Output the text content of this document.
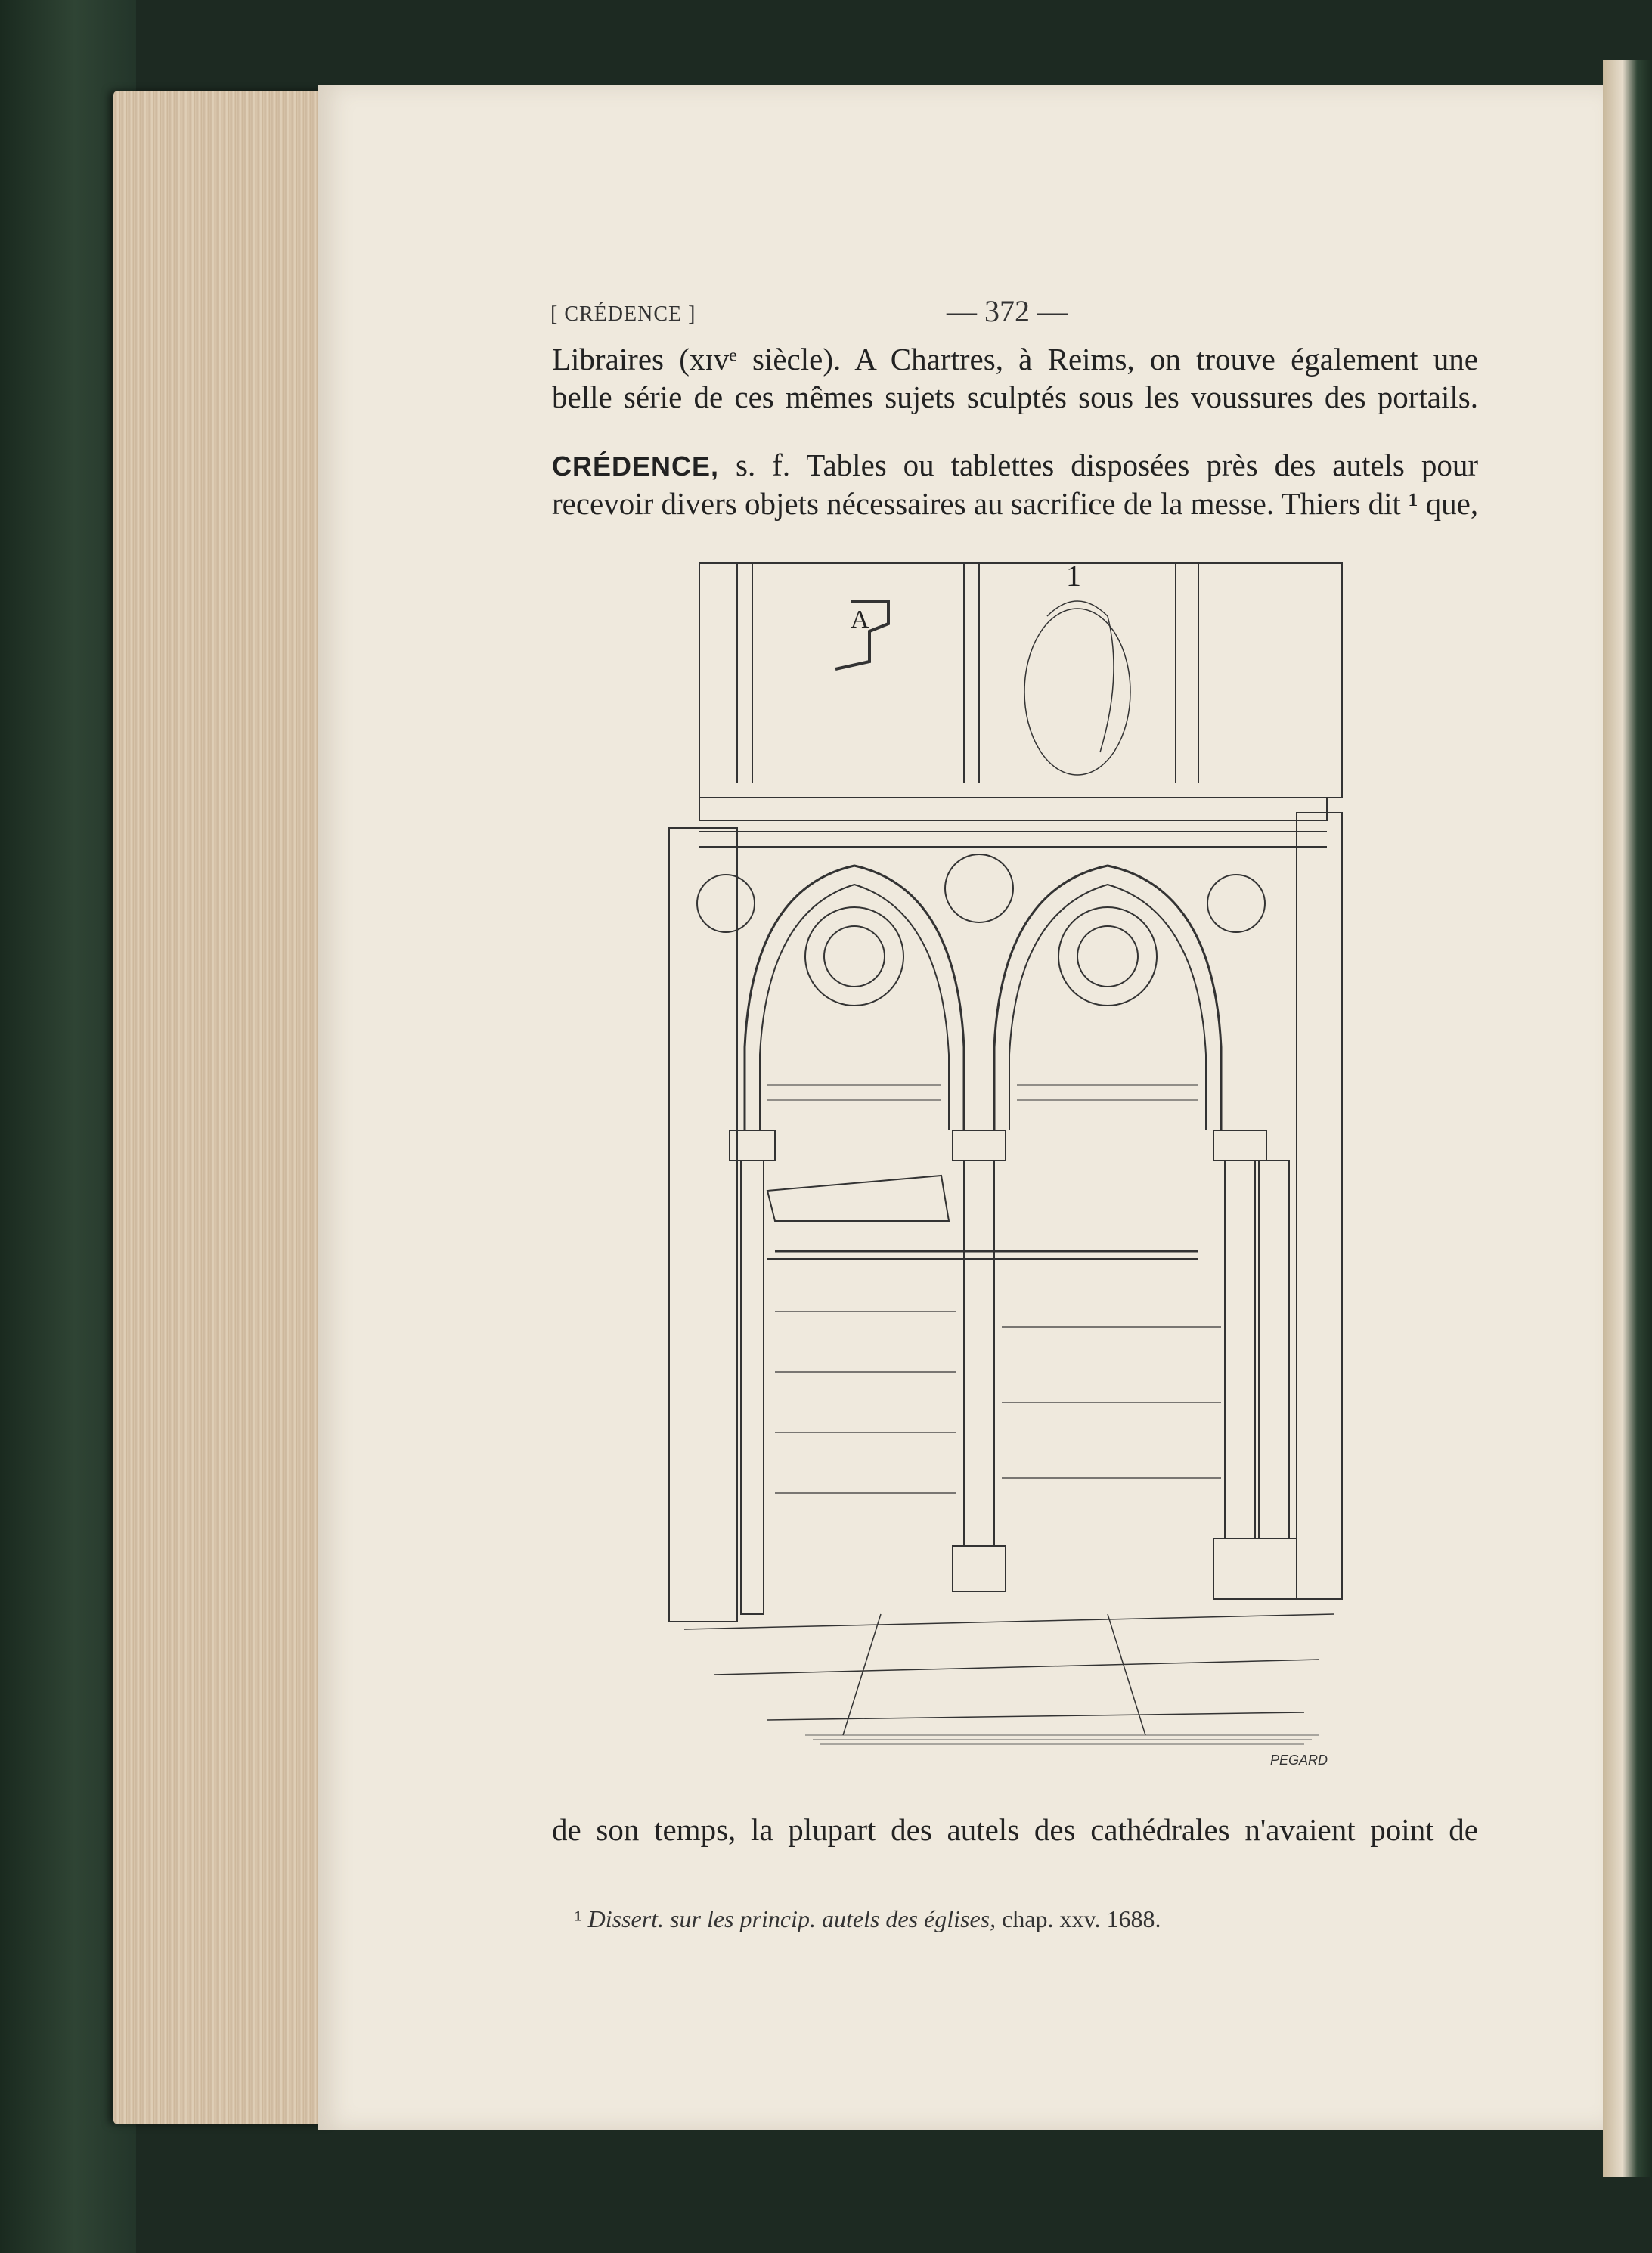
[ CRÉDENCE ]	— 372 —
Libraires (xɪvᵉ siècle). A Chartres, à Reims, on trouve également une
belle série de ces mêmes sujets sculptés sous les voussures des portails.
CRÉDENCE, s. f. Tables ou tablettes disposées près des autels pour
recevoir divers objets nécessaires au sacrifice de la messe. Thiers dit ¹ que,
A
1
PEGARD
de son temps, la plupart des autels des cathédrales n'avaient point de
¹ Dissert. sur les princip. autels des églises, chap. xxv. 1688.
